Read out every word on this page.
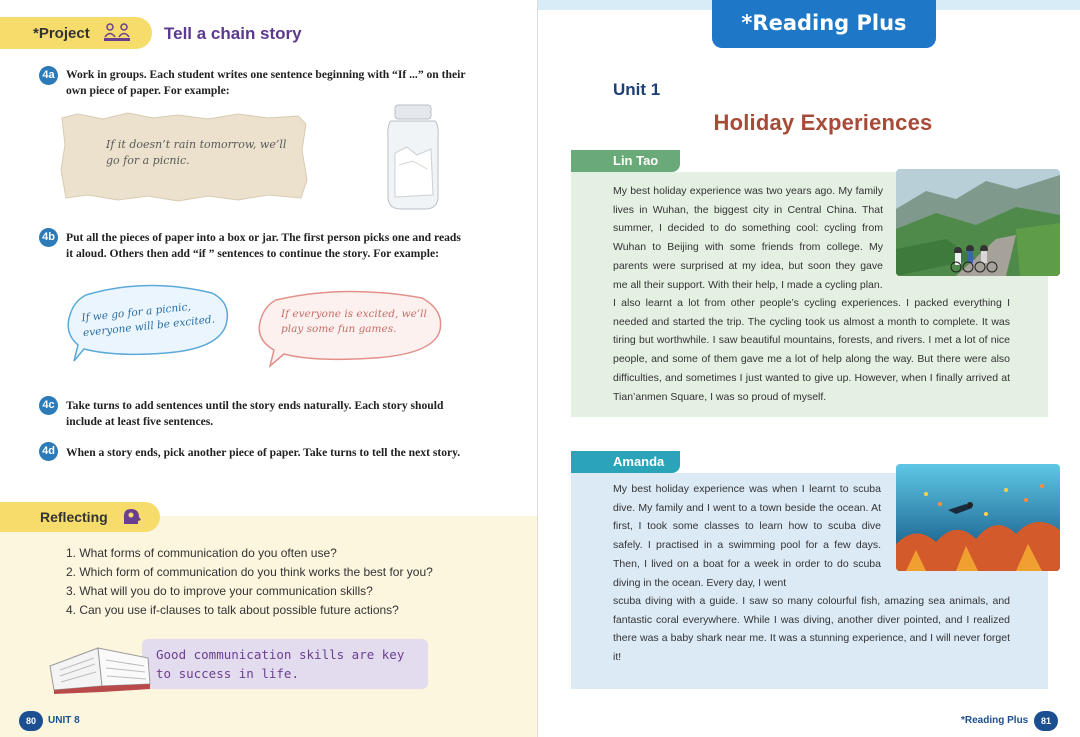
*Project	Tell a chain story
4a Work in groups. Each student writes one sentence beginning with “If ...” on their own piece of paper. For example:
If it doesn’t rain tomorrow, we’ll go for a picnic.
4b Put all the pieces of paper into a box or jar. The first person picks one and reads it aloud. Others then add “if ” sentences to continue the story. For example:
If we go for a picnic, everyone will be excited.	If everyone is excited, we’ll play some fun games.
4c Take turns to add sentences until the story ends naturally. Each story should include at least five sentences.
4d When a story ends, pick another piece of paper. Take turns to tell the next story.
Reflecting
1. What forms of communication do you often use?
2. Which form of communication do you think works the best for you?
3. What will you do to improve your communication skills?
4. Can you use if-clauses to talk about possible future actions?
Good communication skills are key to success in life.
80	UNIT 8
*Reading Plus
Unit 1
Holiday Experiences
Lin Tao
My best holiday experience was two years ago. My family lives in Wuhan, the biggest city in Central China. That summer, I decided to do something cool: cycling from Wuhan to Beijing with some friends from college. My parents were surprised at my idea, but soon they gave me all their support. With their help, I made a cycling plan.
I also learnt a lot from other people’s cycling experiences. I packed everything I needed and started the trip. The cycling took us almost a month to complete. It was tiring but worthwhile. I saw beautiful mountains, forests, and rivers. I met a lot of nice people, and some of them gave me a lot of help along the way. But there were also difficulties, and sometimes I just wanted to give up. However, when I finally arrived at Tian’anmen Square, I was so proud of myself.
Amanda
My best holiday experience was when I learnt to scuba dive. My family and I went to a town beside the ocean. At first, I took some classes to learn how to scuba dive safely. I practised in a swimming pool for a few days. Then, I lived on a boat for a week in order to do scuba diving in the ocean. Every day, I went
scuba diving with a guide. I saw so many colourful fish, amazing sea animals, and fantastic coral everywhere. While I was diving, another diver pointed, and I realized there was a baby shark near me. It was a stunning experience, and I will never forget it!
*Reading Plus	81
